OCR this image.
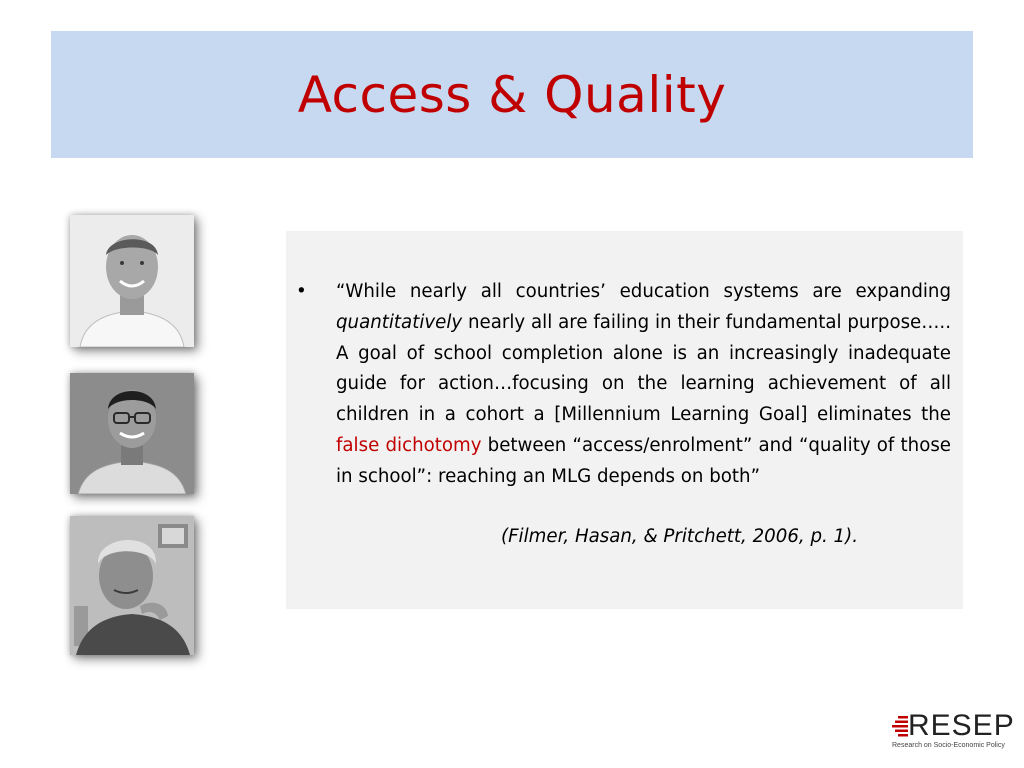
Access & Quality
• “While nearly all countries’ education systems are expanding quantitatively nearly all are failing in their fundamental purpose….. A goal of school completion alone is an increasingly inadequate guide for action…focusing on the learning achievement of all children in a cohort a [Millennium Learning Goal] eliminates the false dichotomy between “access/enrolment” and “quality of those in school”: reaching an MLG depends on both”
(Filmer, Hasan, & Pritchett, 2006, p. 1).
RESEP
Research on Socio-Economic Policy
